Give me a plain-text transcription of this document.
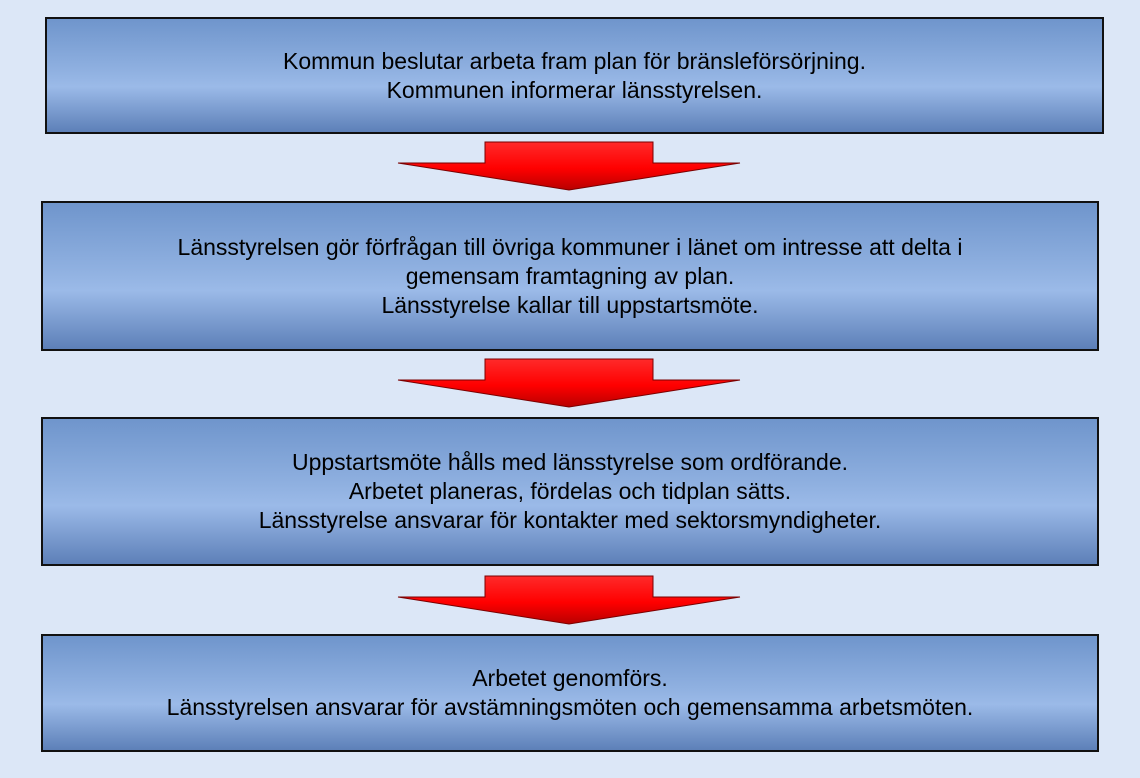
Kommun beslutar arbeta fram plan för bränsleförsörjning.
Kommunen informerar länsstyrelsen.
Länsstyrelsen gör förfrågan till övriga kommuner i länet om intresse att delta i
gemensam framtagning av plan.
Länsstyrelse kallar till uppstartsmöte.
Uppstartsmöte hålls med länsstyrelse som ordförande.
Arbetet planeras, fördelas och tidplan sätts.
Länsstyrelse ansvarar för kontakter med sektorsmyndigheter.
Arbetet genomförs.
Länsstyrelsen ansvarar för avstämningsmöten och gemensamma arbetsmöten.
